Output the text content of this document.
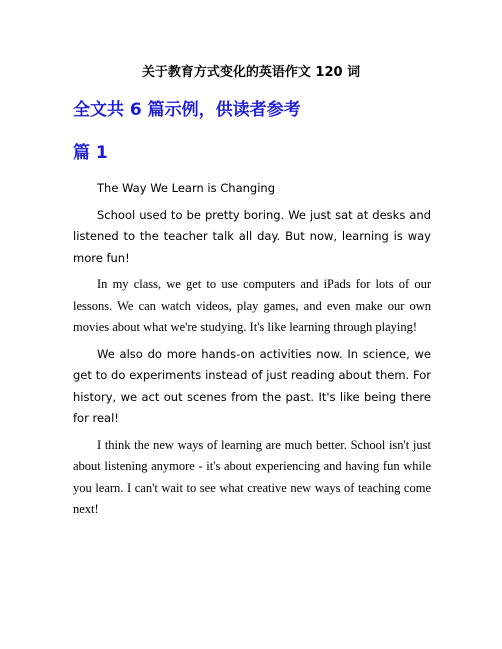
关于教育方式变化的英语作文 120 词
全文共 6 篇示例，供读者参考
篇 1

The Way We Learn is Changing

School used to be pretty boring. We just sat at desks and listened to the teacher talk all day. But now, learning is way more fun!

In my class, we get to use computers and iPads for lots of our lessons. We can watch videos, play games, and even make our own movies about what we're studying. It's like learning through playing!

We also do more hands-on activities now. In science, we get to do experiments instead of just reading about them. For history, we act out scenes from the past. It's like being there for real!

I think the new ways of learning are much better. School isn't just about listening anymore - it's about experiencing and having fun while you learn. I can't wait to see what creative new ways of teaching come next!
